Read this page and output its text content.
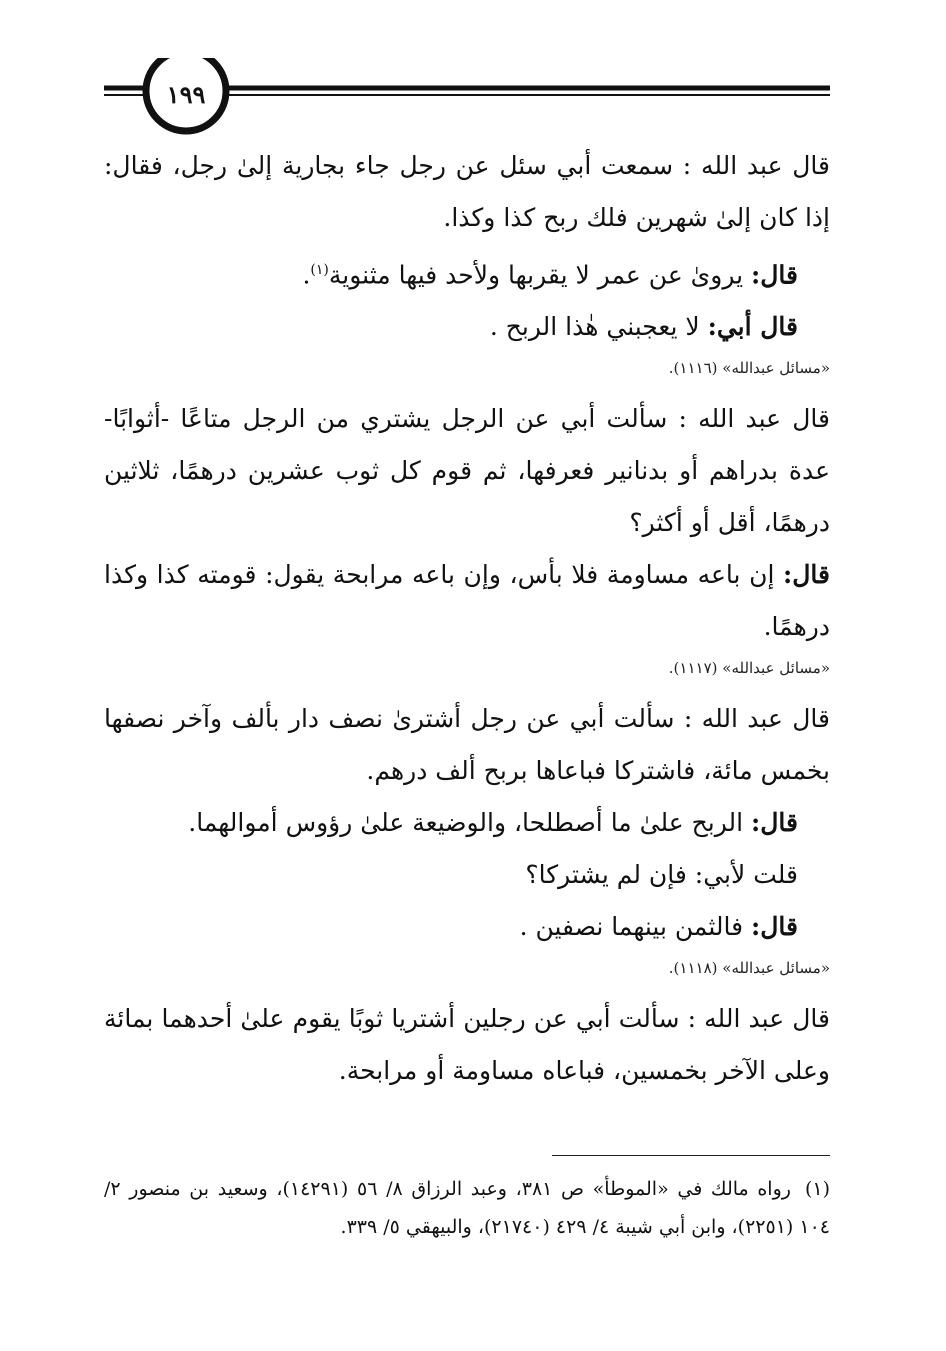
١٩٩

قال عبد الله : سمعت أبي سئل عن رجل جاء بجارية إلىٰ رجل، فقال: إذا كان إلىٰ شهرين فلك ربح كذا وكذا.

قال: يروىٰ عن عمر لا يقربها ولأحد فيها مثنوية$^{(١)}$.

قال أبي: لا يعجبني هٰذا الربح .

«مسائل عبدالله» (١١١٦).

قال عبد الله : سألت أبي عن الرجل يشتري من الرجل متاعًا -أثوابًا- عدة بدراهم أو بدنانير فعرفها، ثم قوم كل ثوب عشرين درهمًا، ثلاثين درهمًا، أقل أو أكثر؟

قال: إن باعه مساومة فلا بأس، وإن باعه مرابحة يقول: قومته كذا وكذا درهمًا.

«مسائل عبدالله» (١١١٧).

قال عبد الله : سألت أبي عن رجل أشترىٰ نصف دار بألف وآخر نصفها بخمس مائة، فاشتركا فباعاها بربح ألف درهم.

قال: الربح علىٰ ما أصطلحا، والوضيعة علىٰ رؤوس أموالهما.

قلت لأبي: فإن لم يشتركا؟

قال: فالثمن بينهما نصفين .

«مسائل عبدالله» (١١١٨).

قال عبد الله : سألت أبي عن رجلين أشتريا ثوبًا يقوم علىٰ أحدهما بمائة وعلى الآخر بخمسين، فباعاه مساومة أو مرابحة.

(١)رواه مالك في «الموطأ» ص ٣٨١، وعبد الرزاق ٨/ ٥٦ (١٤٢٩١)، وسعيد بن منصور ٢/ ١٠٤ (٢٢٥١)، وابن أبي شيبة ٤/ ٤٢٩ (٢١٧٤٠)، والبيهقي ٥/ ٣٣٩.
